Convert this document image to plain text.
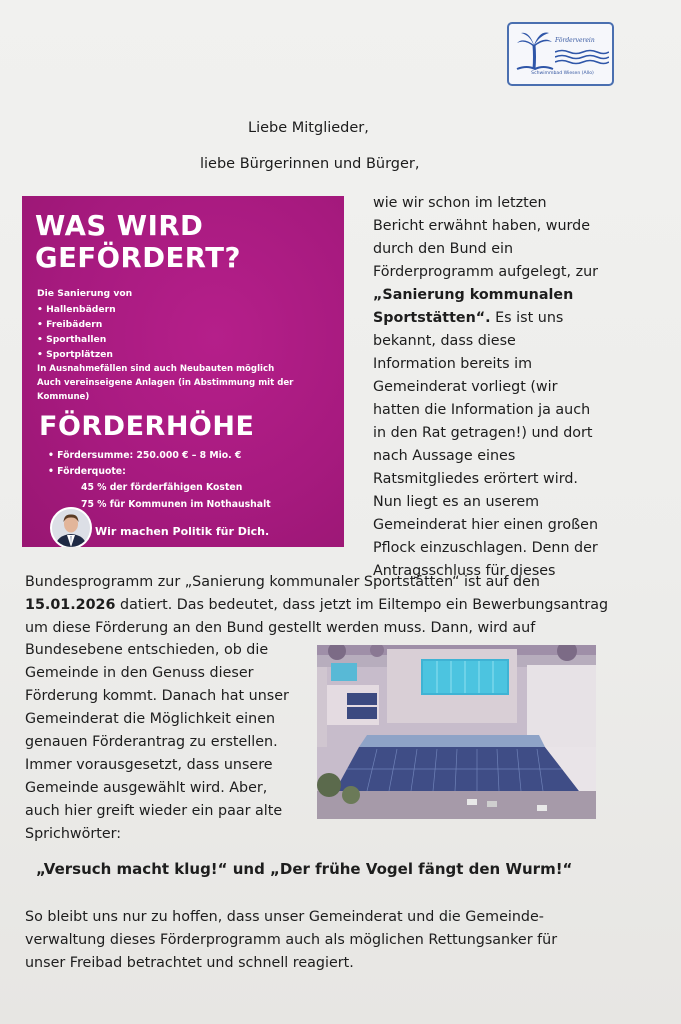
Förderverein
Schwimmbad Wiesen (Allo)
Liebe Mitglieder,
liebe Bürgerinnen und Bürger,
WAS WIRD
GEFÖRDERT?
Die Sanierung von
• Hallenbädern
• Freibädern
• Sporthallen
• Sportplätzen
In Ausnahmefällen sind auch Neubauten möglich
Auch vereinseigene Anlagen (in Abstimmung mit der
Kommune)
FÖRDERHÖHE
• Fördersumme: 250.000 € – 8 Mio. €
• Förderquote:
45 % der förderfähigen Kosten
75 % für Kommunen im Nothaushalt
Wir machen Politik für Dich.
wie wir schon im letzten
Bericht erwähnt haben, wurde
durch den Bund ein
Förderprogramm aufgelegt, zur
„Sanierung kommunalen
Sportstätten“. Es ist uns
bekannt, dass diese
Information bereits im
Gemeinderat vorliegt (wir
hatten die Information ja auch
in den Rat getragen!) und dort
nach Aussage eines
Ratsmitgliedes erörtert wird.
Nun liegt es an userem
Gemeinderat hier einen großen
Pflock einzuschlagen. Denn der
Antragsschluss für dieses
Bundesprogramm zur „Sanierung kommunaler Sportstätten“ ist auf den
15.01.2026 datiert. Das bedeutet, dass jetzt im Eiltempo ein Bewerbungsantrag
um diese Förderung an den Bund gestellt werden muss. Dann, wird auf
Bundesebene entschieden, ob die
Gemeinde in den Genuss dieser
Förderung kommt. Danach hat unser
Gemeinderat die Möglichkeit einen
genauen Förderantrag zu erstellen.
Immer vorausgesetzt, dass unsere
Gemeinde ausgewählt wird. Aber,
auch hier greift wieder ein paar alte
Sprichwörter:
„Versuch macht klug!“ und „Der frühe Vogel fängt den Wurm!“
So bleibt uns nur zu hoffen, dass unser Gemeinderat und die Gemeinde-
verwaltung dieses Förderprogramm auch als möglichen Rettungsanker für
unser Freibad betrachtet und schnell reagiert.
